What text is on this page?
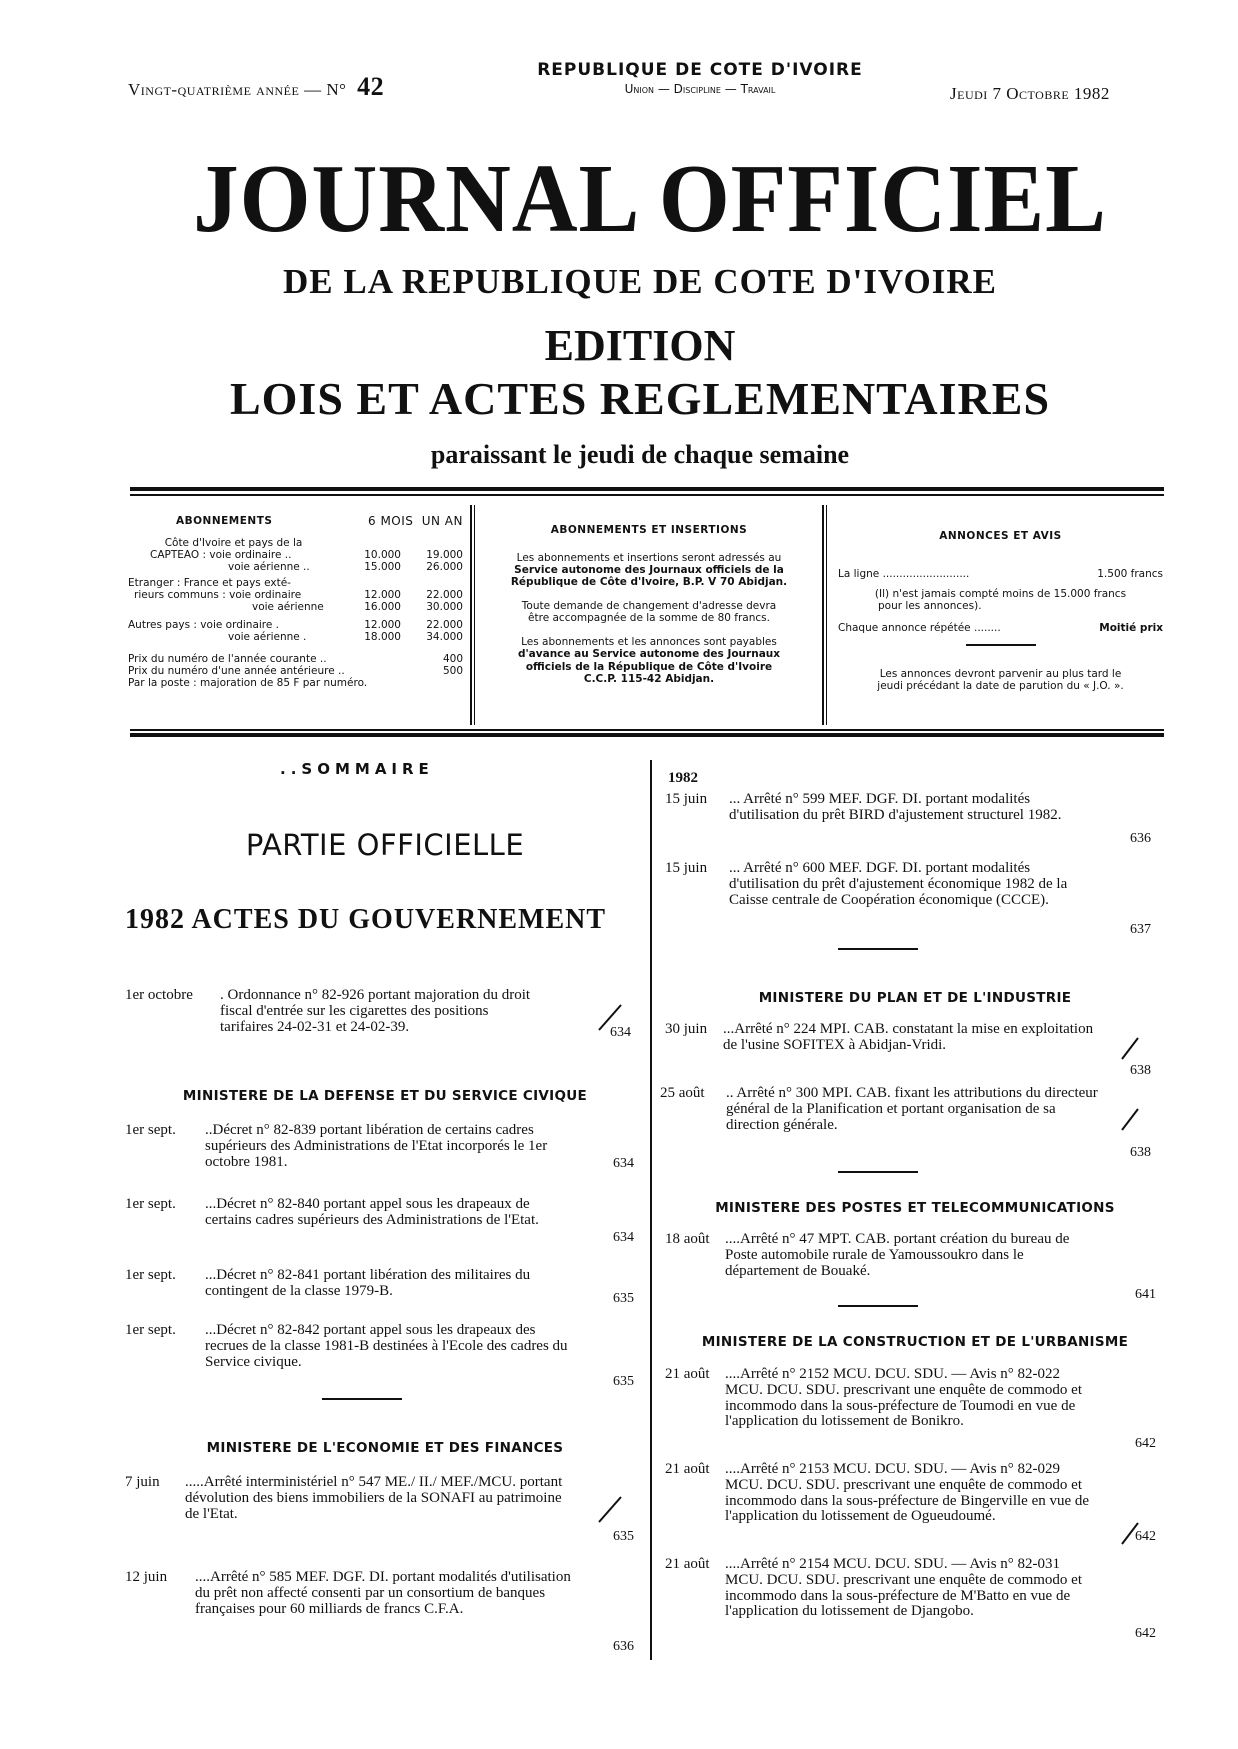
Vingt-quatrième année — N° 42
REPUBLIQUE DE COTE D'IVOIRE
Union — Discipline — Travail	Jeudi 7 Octobre 1982
JOURNAL OFFICIEL
DE LA REPUBLIQUE DE COTE D'IVOIRE
EDITION
LOIS ET ACTES REGLEMENTAIRES
paraissant le jeudi de chaque semaine
ABONNEMENTS	6 MOIS UN AN
Côte d'Ivoire et pays de la
CAPTEAO : voie ordinaire ..	10.000	19.000
voie aérienne ..	15.000	26.000
Etranger : France et pays exté-
rieurs communs : voie ordinaire	12.000	22.000
voie aérienne	16.000	30.000
Autres pays : voie ordinaire .	12.000	22.000
voie aérienne .	18.000	34.000
Prix du numéro de l'année courante ..	400
Prix du numéro d'une année antérieure ..	500
Par la poste : majoration de 85 F par numéro.
ABONNEMENTS ET INSERTIONS
Les abonnements et insertions seront adressés au
Service autonome des Journaux officiels de la
République de Côte d'Ivoire, B.P. V 70 Abidjan.
Toute demande de changement d'adresse devra
être accompagnée de la somme de 80 francs.
Les abonnements et les annonces sont payables
d'avance au Service autonome des Journaux
officiels de la République de Côte d'Ivoire
C.C.P. 115-42 Abidjan.
ANNONCES ET AVIS
La ligne ..........................	1.500 francs
(Il) n'est jamais compté moins de 15.000 francs
pour les annonces).
Chaque annonce répétée ........	Moitié prix
Les annonces devront parvenir au plus tard le
jeudi précédant la date de parution du « J.O. ».
..SOMMAIRE
PARTIE OFFICIELLE
1982 ACTES DU GOUVERNEMENT
1er octobre . Ordonnance n° 82-926 portant majoration du droit fiscal d'entrée sur les cigarettes des positions tarifaires 24-02-31 et 24-02-39.	634
MINISTERE DE LA DEFENSE ET DU SERVICE CIVIQUE
1er sept. ..Décret n° 82-839 portant libération de certains cadres supérieurs des Administrations de l'Etat incorporés le 1er octobre 1981.	634
1er sept. ...Décret n° 82-840 portant appel sous les drapeaux de certains cadres supérieurs des Administrations de l'Etat.
634
1er sept. ...Décret n° 82-841 portant libération des militaires du contingent de la classe 1979-B.	635
1er sept. ...Décret n° 82-842 portant appel sous les drapeaux des recrues de la classe 1981-B destinées à l'Ecole des cadres du Service civique.
635
MINISTERE DE L'ECONOMIE ET DES FINANCES
7 juin .....Arrêté interministériel n° 547 ME./ II./ MEF./MCU. portant dévolution des biens immobiliers de la SONAFI au patrimoine de l'Etat.
635
12 juin ....Arrêté n° 585 MEF. DGF. DI. portant modalités d'utilisation du prêt non affecté consenti par un consortium de banques françaises pour 60 milliards de francs C.F.A.
636
1982
15 juin ... Arrêté n° 599 MEF. DGF. DI. portant modalités d'utilisation du prêt BIRD d'ajustement structurel 1982.
636
15 juin ... Arrêté n° 600 MEF. DGF. DI. portant modalités d'utilisation du prêt d'ajustement économique 1982 de la Caisse centrale de Coopération économique (CCCE).
637
MINISTERE DU PLAN ET DE L'INDUSTRIE
30 juin ...Arrêté n° 224 MPI. CAB. constatant la mise en exploitation de l'usine SOFITEX à Abidjan-Vridi.
638
25 août .. Arrêté n° 300 MPI. CAB. fixant les attributions du directeur général de la Planification et portant organisation de sa direction générale.
638
MINISTERE DES POSTES ET TELECOMMUNICATIONS
18 août ....Arrêté n° 47 MPT. CAB. portant création du bureau de Poste automobile rurale de Yamoussoukro dans le département de Bouaké.
641
MINISTERE DE LA CONSTRUCTION ET DE L'URBANISME
21 août ....Arrêté n° 2152 MCU. DCU. SDU. — Avis n° 82-022 MCU. DCU. SDU. prescrivant une enquête de commodo et incommodo dans la sous-préfecture de Toumodi en vue de l'application du lotissement de Bonikro.
642
21 août ....Arrêté n° 2153 MCU. DCU. SDU. — Avis n° 82-029 MCU. DCU. SDU. prescrivant une enquête de commodo et incommodo dans la sous-préfecture de Bingerville en vue de l'application du lotissement de Ogueudoumé.
642
21 août ....Arrêté n° 2154 MCU. DCU. SDU. — Avis n° 82-031 MCU. DCU. SDU. prescrivant une enquête de commodo et incommodo dans la sous-préfecture de M'Batto en vue de l'application du lotissement de Djangobo.
642
